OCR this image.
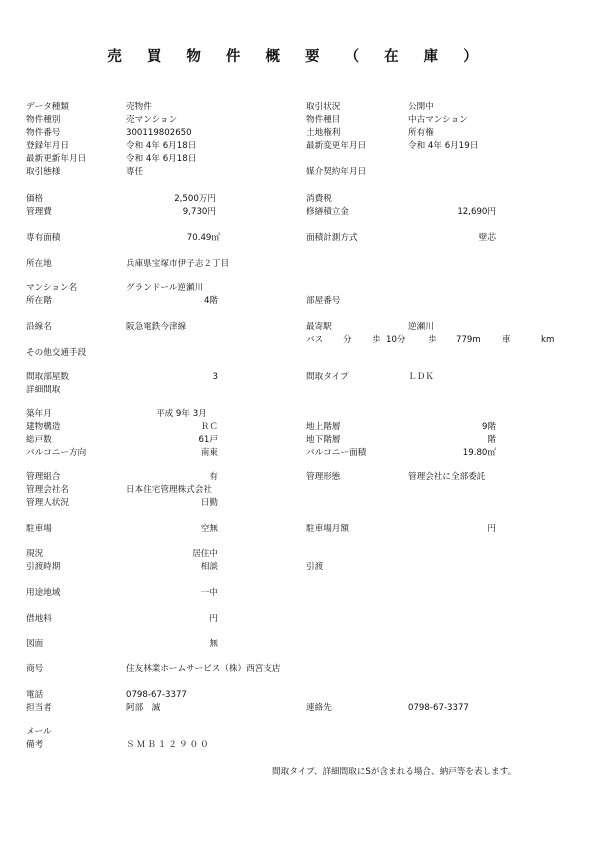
売 買 物 件 概 要 （ 在 庫 ）
データ種類	売物件	取引状況	公開中
物件種別	売マンション	物件種目	中古マンション
物件番号	300119802650	土地権利	所有権
登録年月日	令和 4年 6月18日	最新変更年月日	令和 4年 6月19日
最新更新年月日	令和 4年 6月18日
取引態様	専任	媒介契約年月日
価格	2,500万円	消費税
管理費	9,730円	修繕積立金	12,690円
専有面積	70.49㎡	面積計測方式	壁芯
所在地	兵庫県宝塚市伊子志２丁目
マンション名	グランドール逆瀬川
所在階	4階	部屋番号
沿線名	阪急電鉄今津線	最寄駅	逆瀬川
バス 分 歩 10分	歩 779m 車	km
その他交通手段
間取部屋数	3	間取タイプ	ＬＤＫ
詳細間取
築年月	平成 9年 3月
建物構造	ＲＣ	地上階層	9階
総戸数	61戸	地下階層	階
バルコニー方向	南東	バルコニー面積	19.80㎡
管理組合	有	管理形態	管理会社に全部委託
管理会社名	日本住宅管理株式会社
管理人状況	日勤
駐車場	空無	駐車場月額	円
現況	居住中
引渡時期	相談	引渡
用途地域	一中
借地料	円
図面	無
商号	住友林業ホームサービス（株）西宮支店
電話	0798-67-3377
担当者	阿部　誠	連絡先	0798-67-3377
メール
備考	ＳＭＢ１２９００
間取タイプ、詳細間取にSが含まれる場合、納戸等を表します。
